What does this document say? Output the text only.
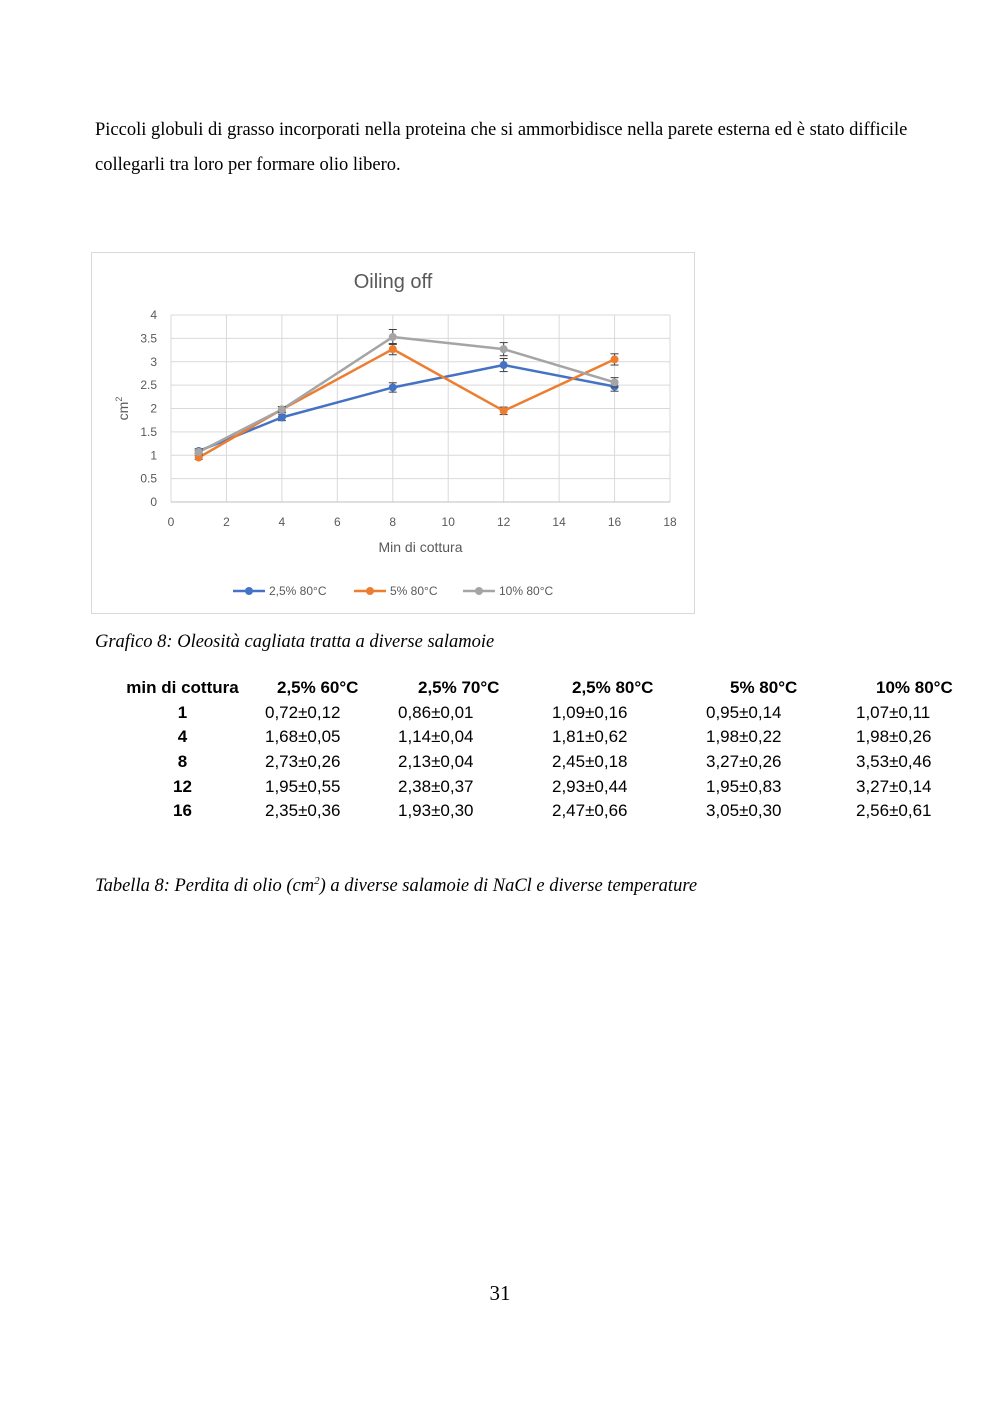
Piccoli globuli di grasso incorporati nella proteina che si ammorbidisce nella parete esterna ed è stato difficile collegarli tra loro per formare olio libero.
Oiling off
0
0.5
1
1.5
2
2.5
3
3.5
4
0	2	4	6	8	10	12	14	16	18
Min di cottura
$cm^2$
2,5% 80°C	5% 80°C	10% 80°C
Grafico 8: Oleosità cagliata tratta a diverse salamoie
min di cottura	2,5% 60°C	2,5% 70°C	2,5% 80°C	5% 80°C	10% 80°C
1	0,72±0,12	0,86±0,01	1,09±0,16	0,95±0,14	1,07±0,11
4	1,68±0,05	1,14±0,04	1,81±0,62	1,98±0,22	1,98±0,26
8	2,73±0,26	2,13±0,04	2,45±0,18	3,27±0,26	3,53±0,46
12	1,95±0,55	2,38±0,37	2,93±0,44	1,95±0,83	3,27±0,14
16	2,35±0,36	1,93±0,30	2,47±0,66	3,05±0,30	2,56±0,61
Tabella 8: Perdita di olio $(cm^2)$ a diverse salamoie di NaCl e diverse temperature
31
